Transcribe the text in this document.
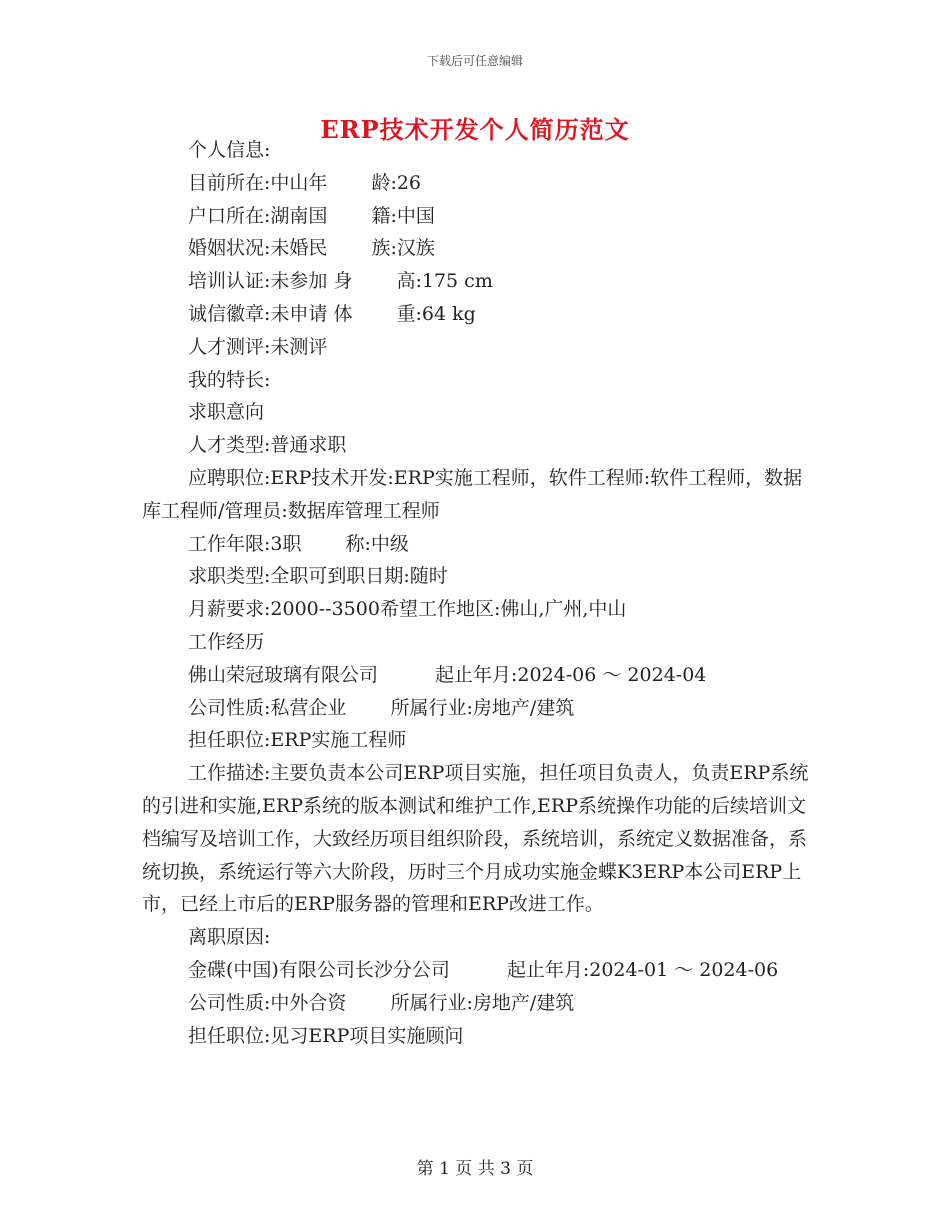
下载后可任意编辑
ERP技术开发个人简历范文

个人信息:

目前所在:中山年　　 龄:26

户口所在:湖南国　　 籍:中国

婚姻状况:未婚民　　 族:汉族

培训认证:未参加 身　　 高:175 cm

诚信徽章:未申请 体　　 重:64 kg

人才测评:未测评

我的特长:

求职意向

人才类型:普通求职

应聘职位:ERP技术开发:ERP实施工程师，软件工程师:软件工程师，数据库工程师/管理员:数据库管理工程师

工作年限:3职　　 称:中级

求职类型:全职可到职日期:随时

月薪要求:2000--3500希望工作地区:佛山,广州,中山

工作经历

佛山荣冠玻璃有限公司　　　起止年月:2024-06 ～ 2024-04

公司性质:私营企业　　 所属行业:房地产/建筑

担任职位:ERP实施工程师

工作描述:主要负责本公司ERP项目实施，担任项目负责人，负责ERP系统的引进和实施,ERP系统的版本测试和维护工作,ERP系统操作功能的后续培训文档编写及培训工作，大致经历项目组织阶段，系统培训，系统定义数据准备，系统切换，系统运行等六大阶段，历时三个月成功实施金蝶K3ERP本公司ERP上市，已经上市后的ERP服务器的管理和ERP改进工作。

离职原因:

金碟(中国)有限公司长沙分公司　　　起止年月:2024-01 ～ 2024-06

公司性质:中外合资　　 所属行业:房地产/建筑

担任职位:见习ERP项目实施顾问

第 1 页 共 3 页
